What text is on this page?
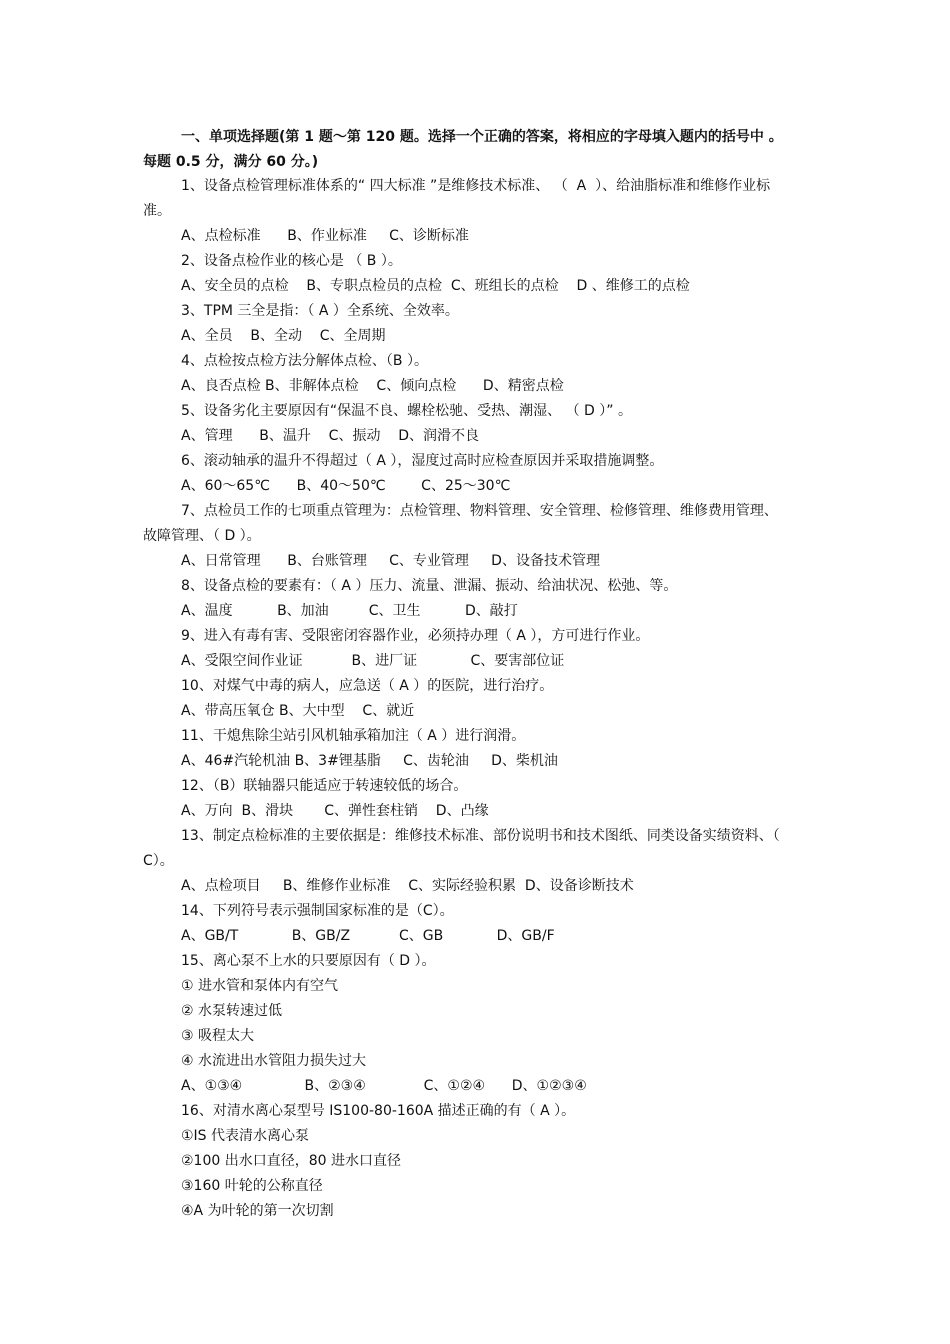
一、单项选择题(第 1 题～第 120 题。选择一个正确的答案，将相应的字母填入题内的括号中 。

每题 0.5 分，满分 60 分。)

1、设备点检管理标准体系的“ 四大标准 ”是维修技术标准、 （  A  ）、给油脂标准和维修作业标

准。

A、点检标准      B、作业标准     C、诊断标准

2、设备点检作业的核心是 （ B ）。

A、安全员的点检    B、专职点检员的点检  C、班组长的点检    D 、维修工的点检

3、TPM 三全是指：（ A ）全系统、全效率。

A、全员    B、全动    C、全周期

4、点检按点检方法分解体点检、（B ）。

A、良否点检 B、非解体点检    C、倾向点检      D、精密点检

5、设备劣化主要原因有“保温不良、螺栓松驰、受热、潮湿、 （ D ）” 。

A、管理      B、温升    C、振动    D、润滑不良

6、滚动轴承的温升不得超过（ A ），湿度过高时应检查原因并采取措施调整。

A、60～65℃      B、40～50℃        C、25～30℃

7、点检员工作的七项重点管理为：点检管理、物料管理、安全管理、检修管理、维修费用管理、

故障管理、（ D ）。

A、日常管理      B、台账管理     C、专业管理     D、设备技术管理

8、设备点检的要素有：（ A ）压力、流量、泄漏、振动、给油状况、松弛、等。

A、温度          B、加油         C、卫生          D、敲打

9、进入有毒有害、受限密闭容器作业，必须持办理（ A ），方可进行作业。

A、受限空间作业证           B、进厂证            C、要害部位证

10、对煤气中毒的病人，应急送（ A ）的医院，进行治疗。

A、带高压氧仓 B、大中型    C、就近

11、干熄焦除尘站引风机轴承箱加注（ A ）进行润滑。

A、46#汽轮机油 B、3#锂基脂     C、齿轮油     D、柴机油

12、（B）联轴器只能适应于转速较低的场合。

A、万向  B、滑块       C、弹性套柱销    D、凸缘

13、制定点检标准的主要依据是：维修技术标准、部份说明书和技术图纸、同类设备实绩资料、（

C）。

A、点检项目     B、维修作业标准    C、实际经验积累  D、设备诊断技术

14、下列符号表示强制国家标准的是（C）。

A、GB/T            B、GB/Z           C、GB            D、GB/F

15、离心泵不上水的只要原因有（ D ）。

① 进水管和泵体内有空气

② 水泵转速过低

③ 吸程太大

④ 水流进出水管阻力损失过大

A、①③④              B、②③④             C、①②④      D、①②③④

16、对清水离心泵型号 IS100-80-160A 描述正确的有（ A ）。

①IS 代表清水离心泵

②100 出水口直径，80 进水口直径

③160 叶轮的公称直径

④A 为叶轮的第一次切割
